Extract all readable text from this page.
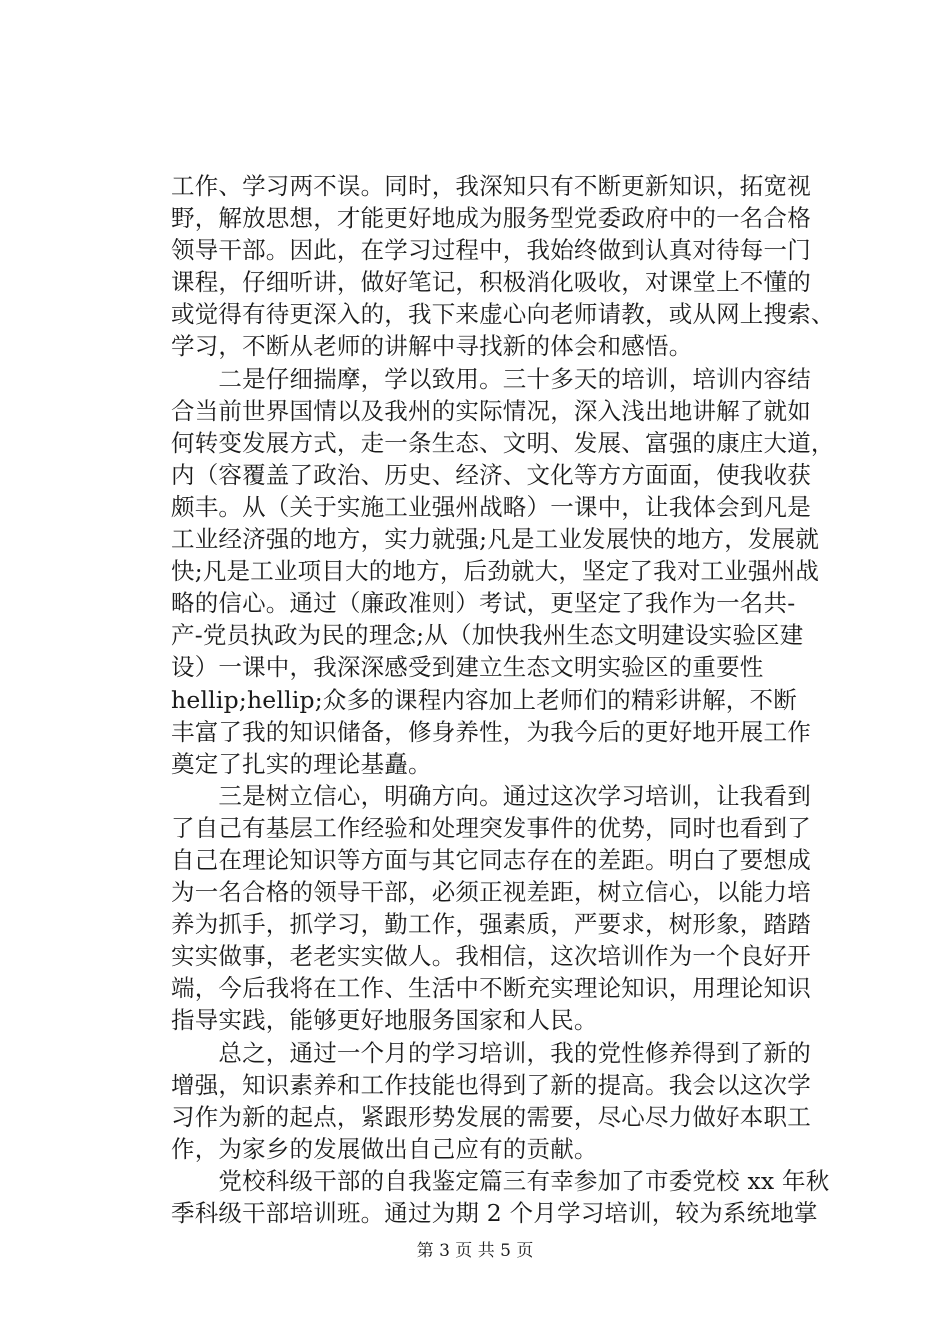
工作、学习两不误。同时，我深知只有不断更新知识，拓宽视
野，解放思想，才能更好地成为服务型党委政府中的一名合格
领导干部。因此，在学习过程中，我始终做到认真对待每一门
课程，仔细听讲，做好笔记，积极消化吸收，对课堂上不懂的
或觉得有待更深入的，我下来虚心向老师请教，或从网上搜索、
学习，不断从老师的讲解中寻找新的体会和感悟。
　　二是仔细揣摩，学以致用。三十多天的培训，培训内容结
合当前世界国情以及我州的实际情况，深入浅出地讲解了就如
何转变发展方式，走一条生态、文明、发展、富强的康庄大道，
内（容覆盖了政治、历史、经济、文化等方方面面，使我收获
颇丰。从（关于实施工业强州战略）一课中，让我体会到凡是
工业经济强的地方，实力就强;凡是工业发展快的地方，发展就
快;凡是工业项目大的地方，后劲就大，坚定了我对工业强州战
略的信心。通过（廉政准则）考试，更坚定了我作为一名共-
产-党员执政为民的理念;从（加快我州生态文明建设实验区建
设）一课中，我深深感受到建立生态文明实验区的重要性
hellip;hellip;众多的课程内容加上老师们的精彩讲解，不断
丰富了我的知识储备，修身养性，为我今后的更好地开展工作
奠定了扎实的理论基矗。
　　三是树立信心，明确方向。通过这次学习培训，让我看到
了自己有基层工作经验和处理突发事件的优势，同时也看到了
自己在理论知识等方面与其它同志存在的差距。明白了要想成
为一名合格的领导干部，必须正视差距，树立信心，以能力培
养为抓手，抓学习，勤工作，强素质，严要求，树形象，踏踏
实实做事，老老实实做人。我相信，这次培训作为一个良好开
端，今后我将在工作、生活中不断充实理论知识，用理论知识
指导实践，能够更好地服务国家和人民。
　　总之，通过一个月的学习培训，我的党性修养得到了新的
增强，知识素养和工作技能也得到了新的提高。我会以这次学
习作为新的起点，紧跟形势发展的需要，尽心尽力做好本职工
作，为家乡的发展做出自己应有的贡献。
　　党校科级干部的自我鉴定篇三有幸参加了市委党校 xx 年秋
季科级干部培训班。通过为期 2 个月学习培训，较为系统地掌
第 3 页 共 5 页
